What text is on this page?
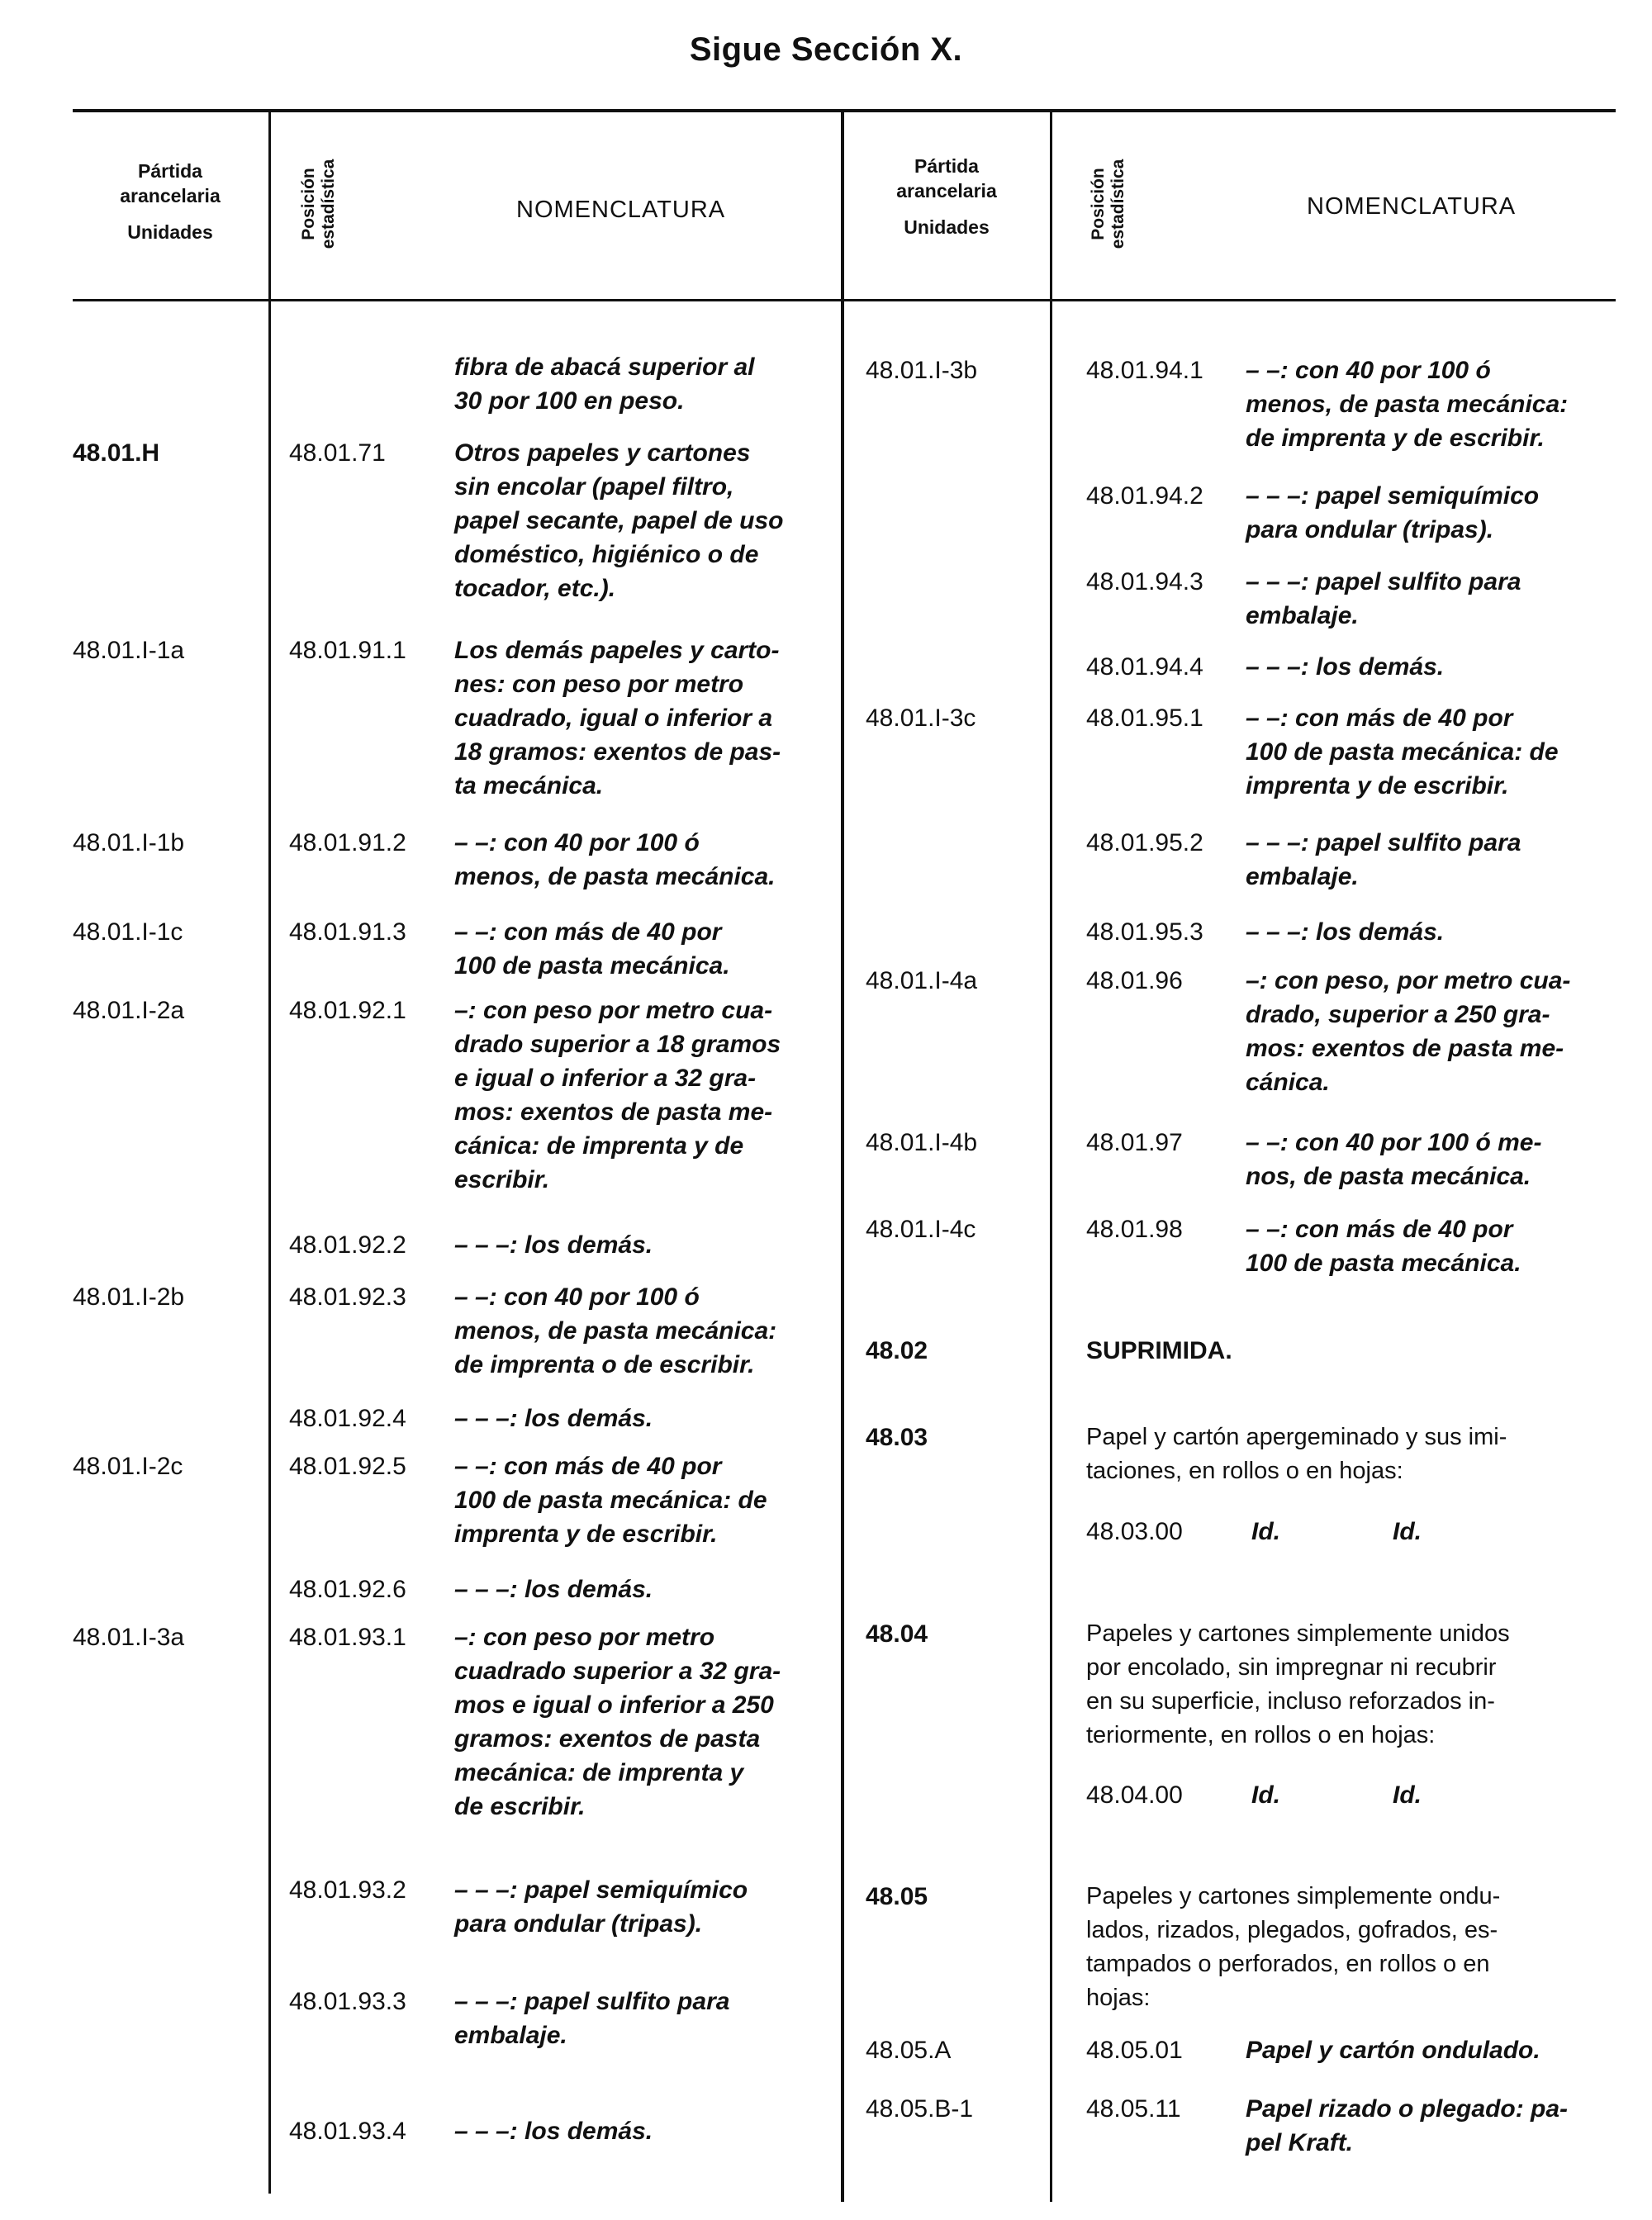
Sigue Sección X.
Pártida
arancelaria
Unidades	Posición estadística	NOMENCLATURA
Pártida
arancelaria
Unidades	Posición estadística	NOMENCLATURA
fibra de abacá superior al
30 por 100 en peso.
48.01.H	48.01.71	Otros papeles y cartones
sin encolar (papel filtro,
papel secante, papel de uso
doméstico, higiénico o de
tocador, etc.).
48.01.I-1a	48.01.91.1 Los demás papeles y carto-
nes: con peso por metro
cuadrado, igual o inferior a
18 gramos: exentos de pas-
ta mecánica.
48.01.I-1b	48.01.91.2 – –: con 40 por 100 ó
menos, de pasta mecánica.
48.01.I-1c	48.01.91.3 – –: con más de 40 por
100 de pasta mecánica.
48.01.I-2a	48.01.92.1 –: con peso por metro cua-
drado superior a 18 gramos
e igual o inferior a 32 gra-
mos: exentos de pasta me-
cánica: de imprenta y de
escribir.
48.01.92.2 – – –: los demás.
48.01.I-2b	48.01.92.3 – –: con 40 por 100 ó
menos, de pasta mecánica:
de imprenta o de escribir.
48.01.92.4 – – –: los demás.
48.01.I-2c	48.01.92.5 – –: con más de 40 por
100 de pasta mecánica: de
imprenta y de escribir.
48.01.92.6 – – –: los demás.
48.01.I-3a	48.01.93.1 –: con peso por metro
cuadrado superior a 32 gra-
mos e igual o inferior a 250
gramos: exentos de pasta
mecánica: de imprenta y
de escribir.
48.01.93.2 – – –: papel semiquímico
para ondular (tripas).
48.01.93.3 – – –: papel sulfito para
embalaje.
48.01.93.4 – – –: los demás.
48.01.I-3b	48.01.94.1 – –: con 40 por 100 ó
menos, de pasta mecánica:
de imprenta y de escribir.
48.01.94.2 – – –: papel semiquímico
para ondular (tripas).
48.01.94.3 – – –: papel sulfito para
embalaje.
48.01.94.4 – – –: los demás.
48.01.I-3c	48.01.95.1 – –: con más de 40 por
100 de pasta mecánica: de
imprenta y de escribir.
48.01.95.2 – – –: papel sulfito para
embalaje.
48.01.95.3 – – –: los demás.
48.01.I-4a	48.01.96	–: con peso, por metro cua-
drado, superior a 250 gra-
mos: exentos de pasta me-
cánica.
48.01.I-4b	48.01.97	– –: con 40 por 100 ó me-
nos, de pasta mecánica.
48.01.I-4c	48.01.98	– –: con más de 40 por
100 de pasta mecánica.
48.02	SUPRIMIDA.
48.03	Papel y cartón apergeminado y sus imi-
taciones, en rollos o en hojas:
48.03.00	Id.	Id.
48.04	Papeles y cartones simplemente unidos
por encolado, sin impregnar ni recubrir
en su superficie, incluso reforzados in-
teriormente, en rollos o en hojas:
48.04.00	Id.	Id.
48.05	Papeles y cartones simplemente ondu-
lados, rizados, plegados, gofrados, es-
tampados o perforados, en rollos o en
hojas:
48.05.A	48.05.01	Papel y cartón ondulado.
48.05.B-1	48.05.11	Papel rizado o plegado: pa-
pel Kraft.
